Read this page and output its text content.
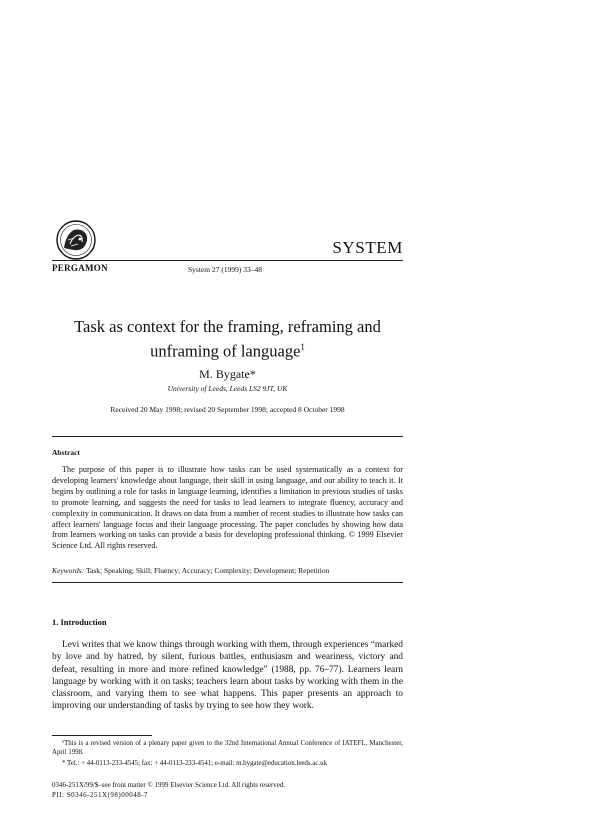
PERGAMON	System 27 (1999) 33–48
SYSTEM
Task as context for the framing, reframing and unframing of language$^1$
M. Bygate*
University of Leeds, Leeds LS2 9JT, UK
Received 20 May 1998; revised 20 September 1998; accepted 8 October 1998
Abstract
The purpose of this paper is to illustrate how tasks can be used systematically as a context for developing learners' knowledge about language, their skill in using language, and our ability to teach it. It begins by outlining a role for tasks in language learning, identifies a limitation in previous studies of tasks to promote learning, and suggests the need for tasks to lead learners to integrate fluency, accuracy and complexity in communication. It draws on data from a number of recent studies to illustrate how tasks can affect learners' language focus and their language processing. The paper concludes by showing how data from learners working on tasks can provide a basis for developing professional thinking. © 1999 Elsevier Science Ltd. All rights reserved.
Keywords: Task; Speaking; Skill; Fluency; Accuracy; Complexity; Development; Repetition
1. Introduction
Levi writes that we know things through working with them, through experiences “marked by love and by hatred, by silent, furious battles, enthusiasm and weariness, victory and defeat, resulting in more and more refined knowledge” (1988, pp. 76–77). Learners learn language by working with it on tasks; teachers learn about tasks by working with them in the classroom, and varying them to see what happens. This paper presents an approach to improving our understanding of tasks by trying to see how they work.
¹This is a revised version of a plenary paper given to the 32nd International Annual Conference of IATEFL, Manchester, April 1998.
* Tel.: + 44-0113-233-4545; fax: + 44-0113-233-4541; e-mail: m.bygate@education.leeds.ac.uk
0346-251X/99/$–see front matter © 1999 Elsevier Science Ltd. All rights reserved.
PII: S0346-251X(98)00048-7
